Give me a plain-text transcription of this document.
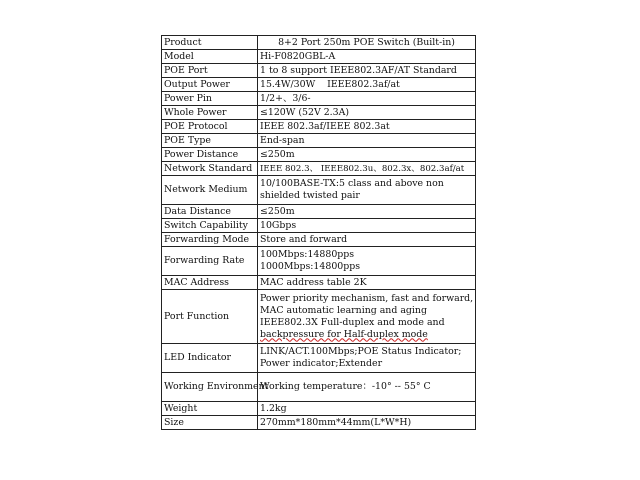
Product	8+2 Port 250m POE Switch (Built-in)
Model	Hi-F0820GBL-A
POE Port	1 to 8 support IEEE802.3AF/AT Standard
Output Power	15.4W/30W    IEEE802.3af/at
Power Pin	1/2+、3/6-
Whole Power	≤120W (52V 2.3A)
POE Protocol	IEEE 802.3af/IEEE 802.3at
POE Type	End-span
Power Distance	≤250m
Network Standard	IEEE 802.3、 IEEE802.3u、802.3x、802.3af/at
Network Medium	10/100BASE-TX:5 class and above non shielded twisted pair
Data Distance	≤250m
Switch Capability	10Gbps
Forwarding Mode	Store and forward
Forwarding Rate	100Mbps:14880pps
1000Mbps:14800pps

MAC Address	MAC address table 2K
Port Function	Power priority mechanism, fast and forward,
MAC automatic learning and aging
IEEE802.3X Full-duplex and mode and
backpressure for Half-duplex mode

LED Indicator	LINK/ACT.100Mbps;POE Status Indicator;
Power indicator;Extender

Working Environment	Working temperature：-10° -- 55° C
Weight	1.2kg
Size	270mm*180mm*44mm(L*W*H)
